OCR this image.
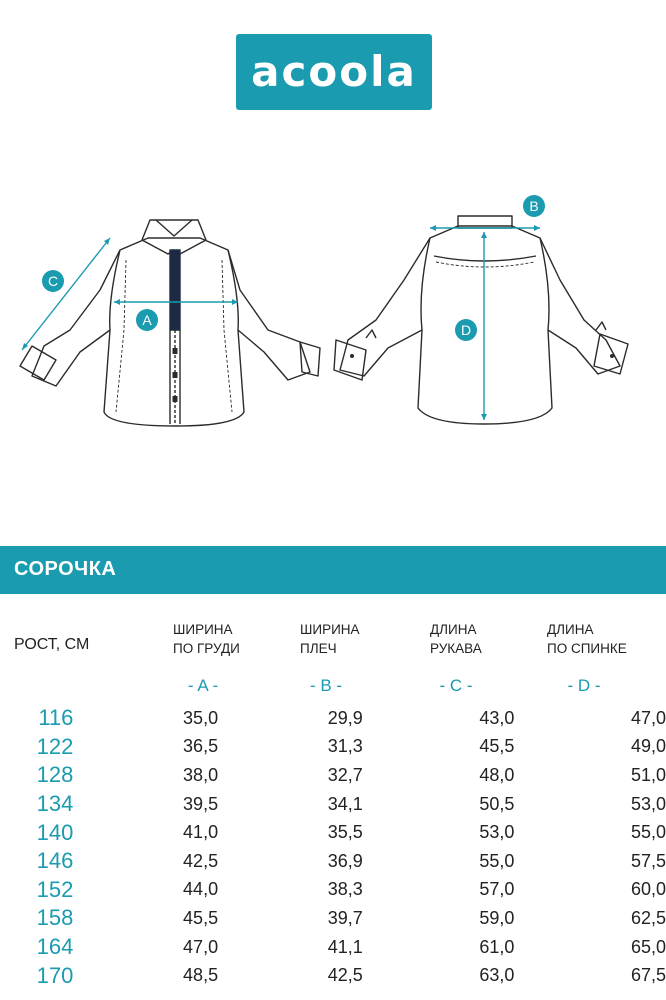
acoola
A
B
C
D
СОРОЧКА
РОСТ, СМ
ШИРИНА
ПО ГРУДИ
ШИРИНА
ПЛЕЧ
ДЛИНА
РУКАВА
ДЛИНА
ПО СПИНКЕ
- A -	- B -	- C -	- D -
116	35,0	29,9	43,0	47,0
122	36,5	31,3	45,5	49,0
128	38,0	32,7	48,0	51,0
134	39,5	34,1	50,5	53,0
140	41,0	35,5	53,0	55,0
146	42,5	36,9	55,0	57,5
152	44,0	38,3	57,0	60,0
158	45,5	39,7	59,0	62,5
164	47,0	41,1	61,0	65,0
170	48,5	42,5	63,0	67,5
